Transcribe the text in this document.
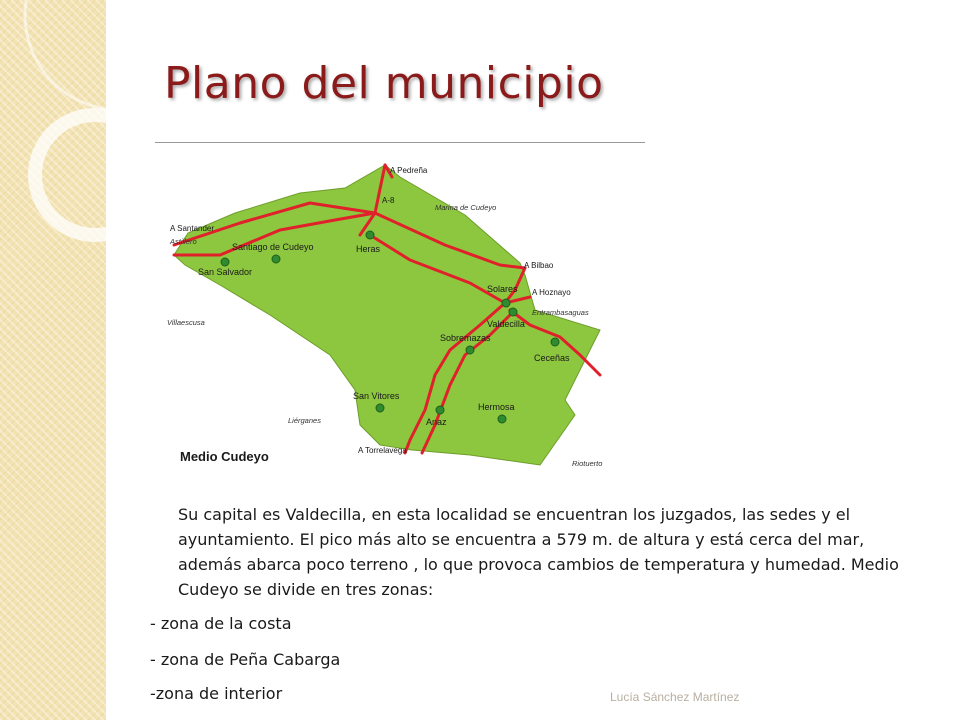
Plano del municipio
Santiago de Cudeyo
San Salvador
Heras
Solares
Valdecilla
Sobremazas
Ceceñas
San Vitores
Anaz
Hermosa
A Pedreña
A Santander
A Bilbao
A Hoznayo
A Torrelavega
A-8
Marina de Cudeyo
Astillero
Villaescusa
Entrambasaguas
Liérganes
Riotuerto
Medio Cudeyo

Su capital es Valdecilla, en esta localidad se encuentran los juzgados, las sedes y el ayuntamiento. El pico más alto se encuentra a 579 m. de altura y está cerca del mar, además abarca poco terreno , lo que provoca cambios de temperatura y humedad. Medio Cudeyo se divide en tres zonas:

- zona de la costa

- zona de Peña Cabarga

-zona de interior	Lucía Sánchez Martínez
